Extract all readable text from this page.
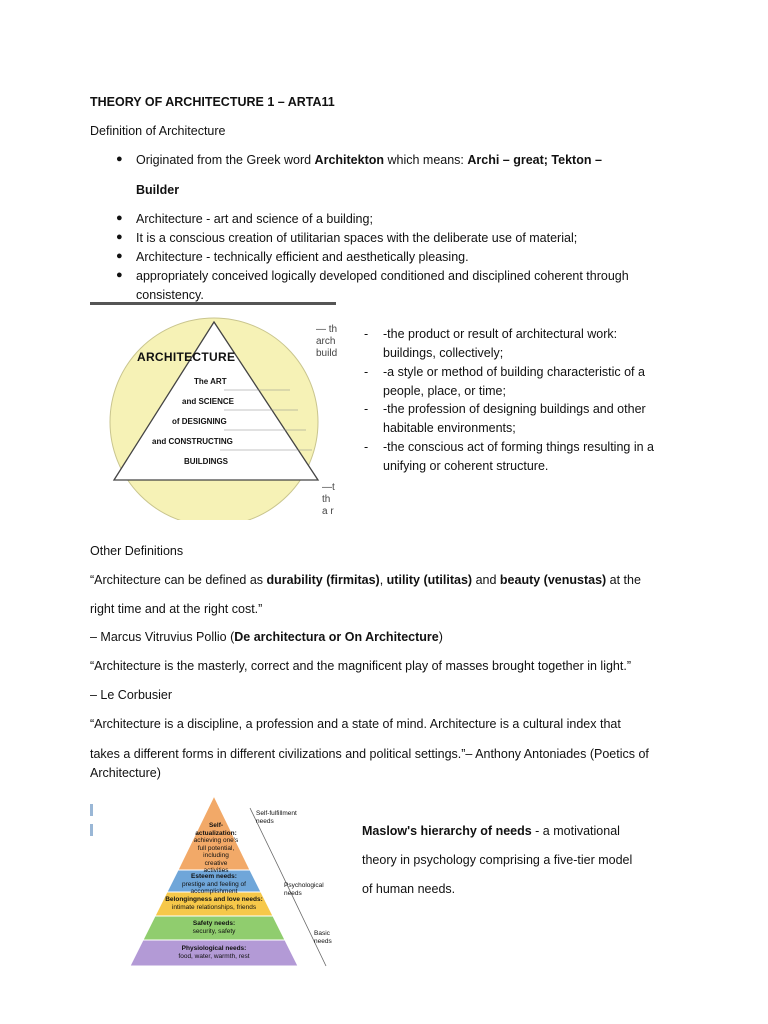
THEORY OF ARCHITECTURE 1 – ARTA11
Definition of Architecture
● Originated from the Greek word Architekton which means: Archi – great; Tekton –
Builder
● Architecture - art and science of a building;
● It is a conscious creation of utilitarian spaces with the deliberate use of material;
● Architecture - technically efficient and aesthetically pleasing.
● appropriately conceived logically developed conditioned and disciplined coherent through
consistency.
ARCHITECTURE
The ART
and SCIENCE
of DESIGNING
and CONSTRUCTING
BUILDINGS
— th
arch
build
—t
th
a r
- -the product or result of architectural work:
buildings, collectively;
- -a style or method of building characteristic of a
people, place, or time;
- -the profession of designing buildings and other
habitable environments;
- -the conscious act of forming things resulting in a
unifying or coherent structure.
Other Definitions
“Architecture can be defined as durability (firmitas), utility (utilitas) and beauty (venustas) at the
right time and at the right cost.”
– Marcus Vitruvius Pollio (De architectura or On Architecture)
“Architecture is the masterly, correct and the magnificent play of masses brought together in light.”
– Le Corbusier
“Architecture is a discipline, a profession and a state of mind. Architecture is a cultural index that
takes a different forms in different civilizations and political settings.”– Anthony Antoniades (Poetics of
Architecture)
Self-actualization:
achieving one's
full potential,
including creative
activities
Esteem needs:
prestige and feeling of accomplishment
Belongingness and love needs:
intimate relationships, friends
Safety needs:
security, safety
Physiological needs:
food, water, warmth, rest
Self-fulfillment
needs
Psychological
needs
Basic
needs
Maslow's hierarchy of needs - a motivational
theory in psychology comprising a five-tier model
of human needs.
